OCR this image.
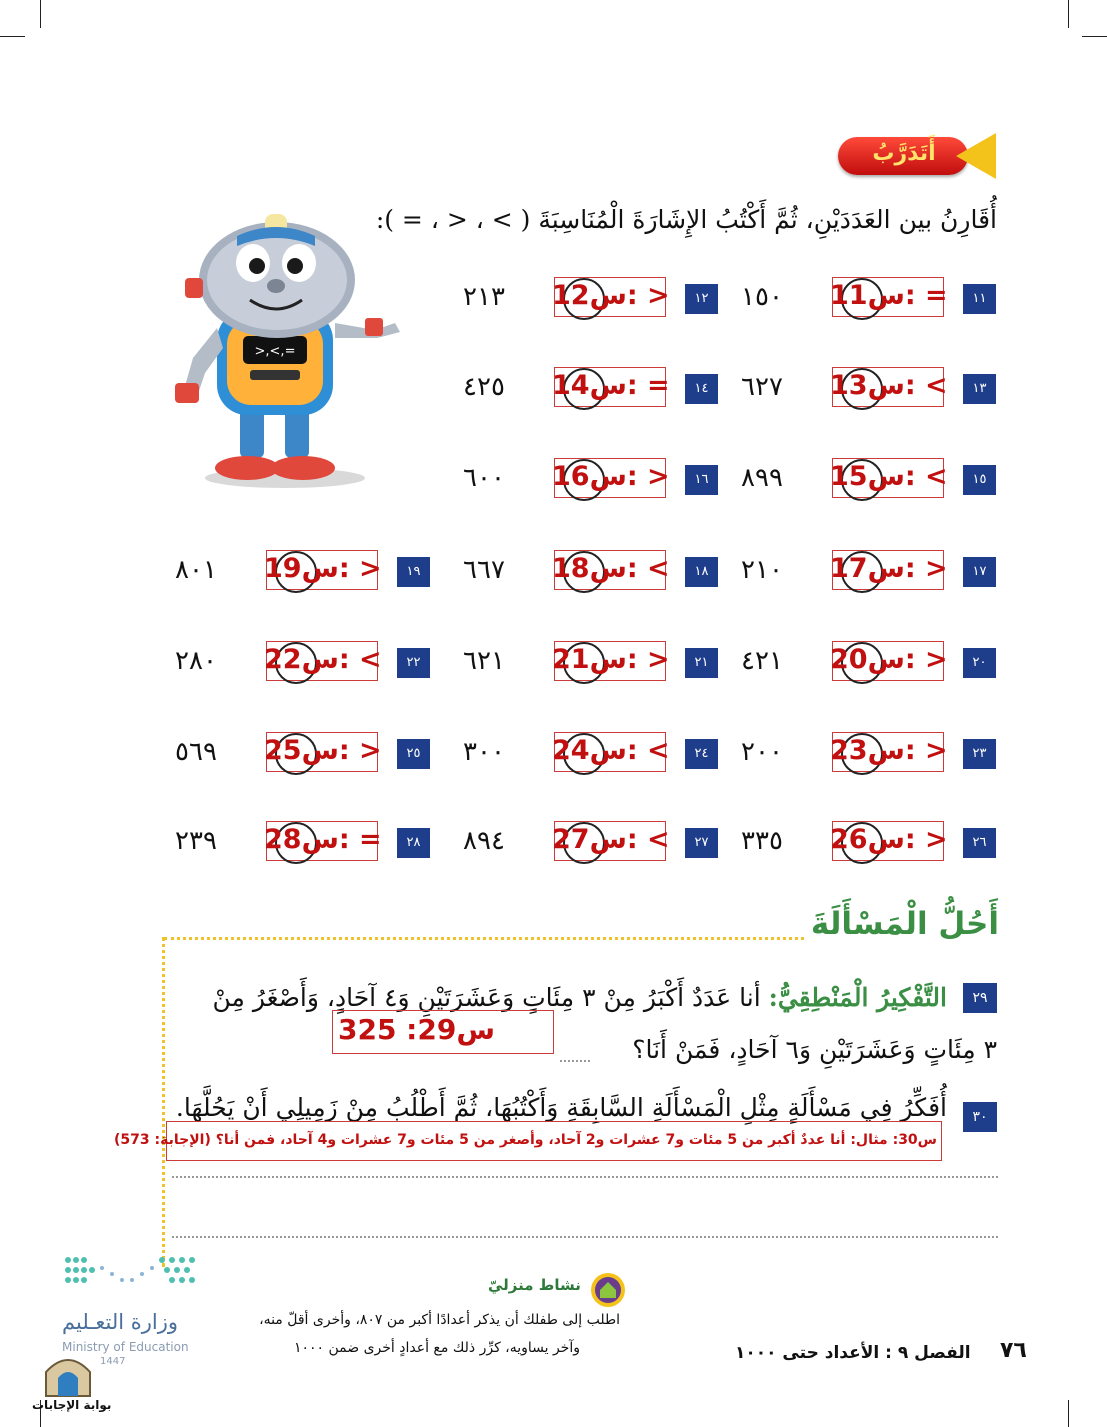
أَتَدَرَّبُ
أُقَارِنُ بين العَدَدَيْنِ، ثُمَّ أَكْتُبُ الإِشَارَةَ الْمُنَاسِبَةَ ( > ، < ، = ):
>,<,=
١١
س11: =
١٥٠
١٢
س12: >
٢١٣
١٣
س13: <
٦٢٧
١٤
س14: =
٤٢٥
١٥
س15: <
٨٩٩
١٦
س16: >
٦٠٠
١٧
س17: >
٢١٠
١٨
س18: <
٦٦٧
١٩
س19: >
٨٠١
٢٠
س20: >
٤٢١
٢١
س21: >
٦٢١
٢٢
س22: <
٢٨٠
٢٣
س23: >
٢٠٠
٢٤
س24: <
٣٠٠
٢٥
س25: >
٥٦٩
٢٦
س26: >
٣٣٥
٢٧
س27: <
٨٩٤
٢٨
س28: =
٢٣٩
أَحُلُّ الْمَسْأَلَةَ
٢٩
التَّفْكِيرُ الْمَنْطِقِيُّ: أنا عَدَدٌ أَكْبَرُ مِنْ ٣ مِئَاتٍ وَعَشَرَتَيْنِ وَ٤ آحَادٍ، وَأَصْغَرُ مِنْ
٣ مِئَاتٍ وَعَشَرَتَيْنِ وَ٦ آحَادٍ، فَمَنْ أَنَا؟
س29: 325
٣٠
أُفَكِّرُ فِي مَسْأَلَةٍ مِثْلِ الْمَسْأَلَةِ السَّابِقَةِ وَأَكْتُبُهَا، ثُمَّ أَطْلُبُ مِنْ زَمِيلِي أَنْ يَحُلَّهَا.
س30: مثال: أنا عددٌ أكبر من 5 مئات و7 عشرات و2 آحاد، وأصغر من 5 مئات و7 عشرات و4 آحاد، فمن أنا؟ (الإجابة: 573)
نشاط منزليّ
اطلب إلى طفلك أن يذكر أعدادًا أكبر من ٨٠٧، وأخرى أقلّ منه،
وآخر يساويه، كرِّر ذلك مع أعدادٍ أخرى ضمن ١٠٠٠	الفصل ٩ : الأعداد حتى ١٠٠٠ ٧٦
وزارة التعـليم
Ministry of Education
1447
بوابة الإجابات
